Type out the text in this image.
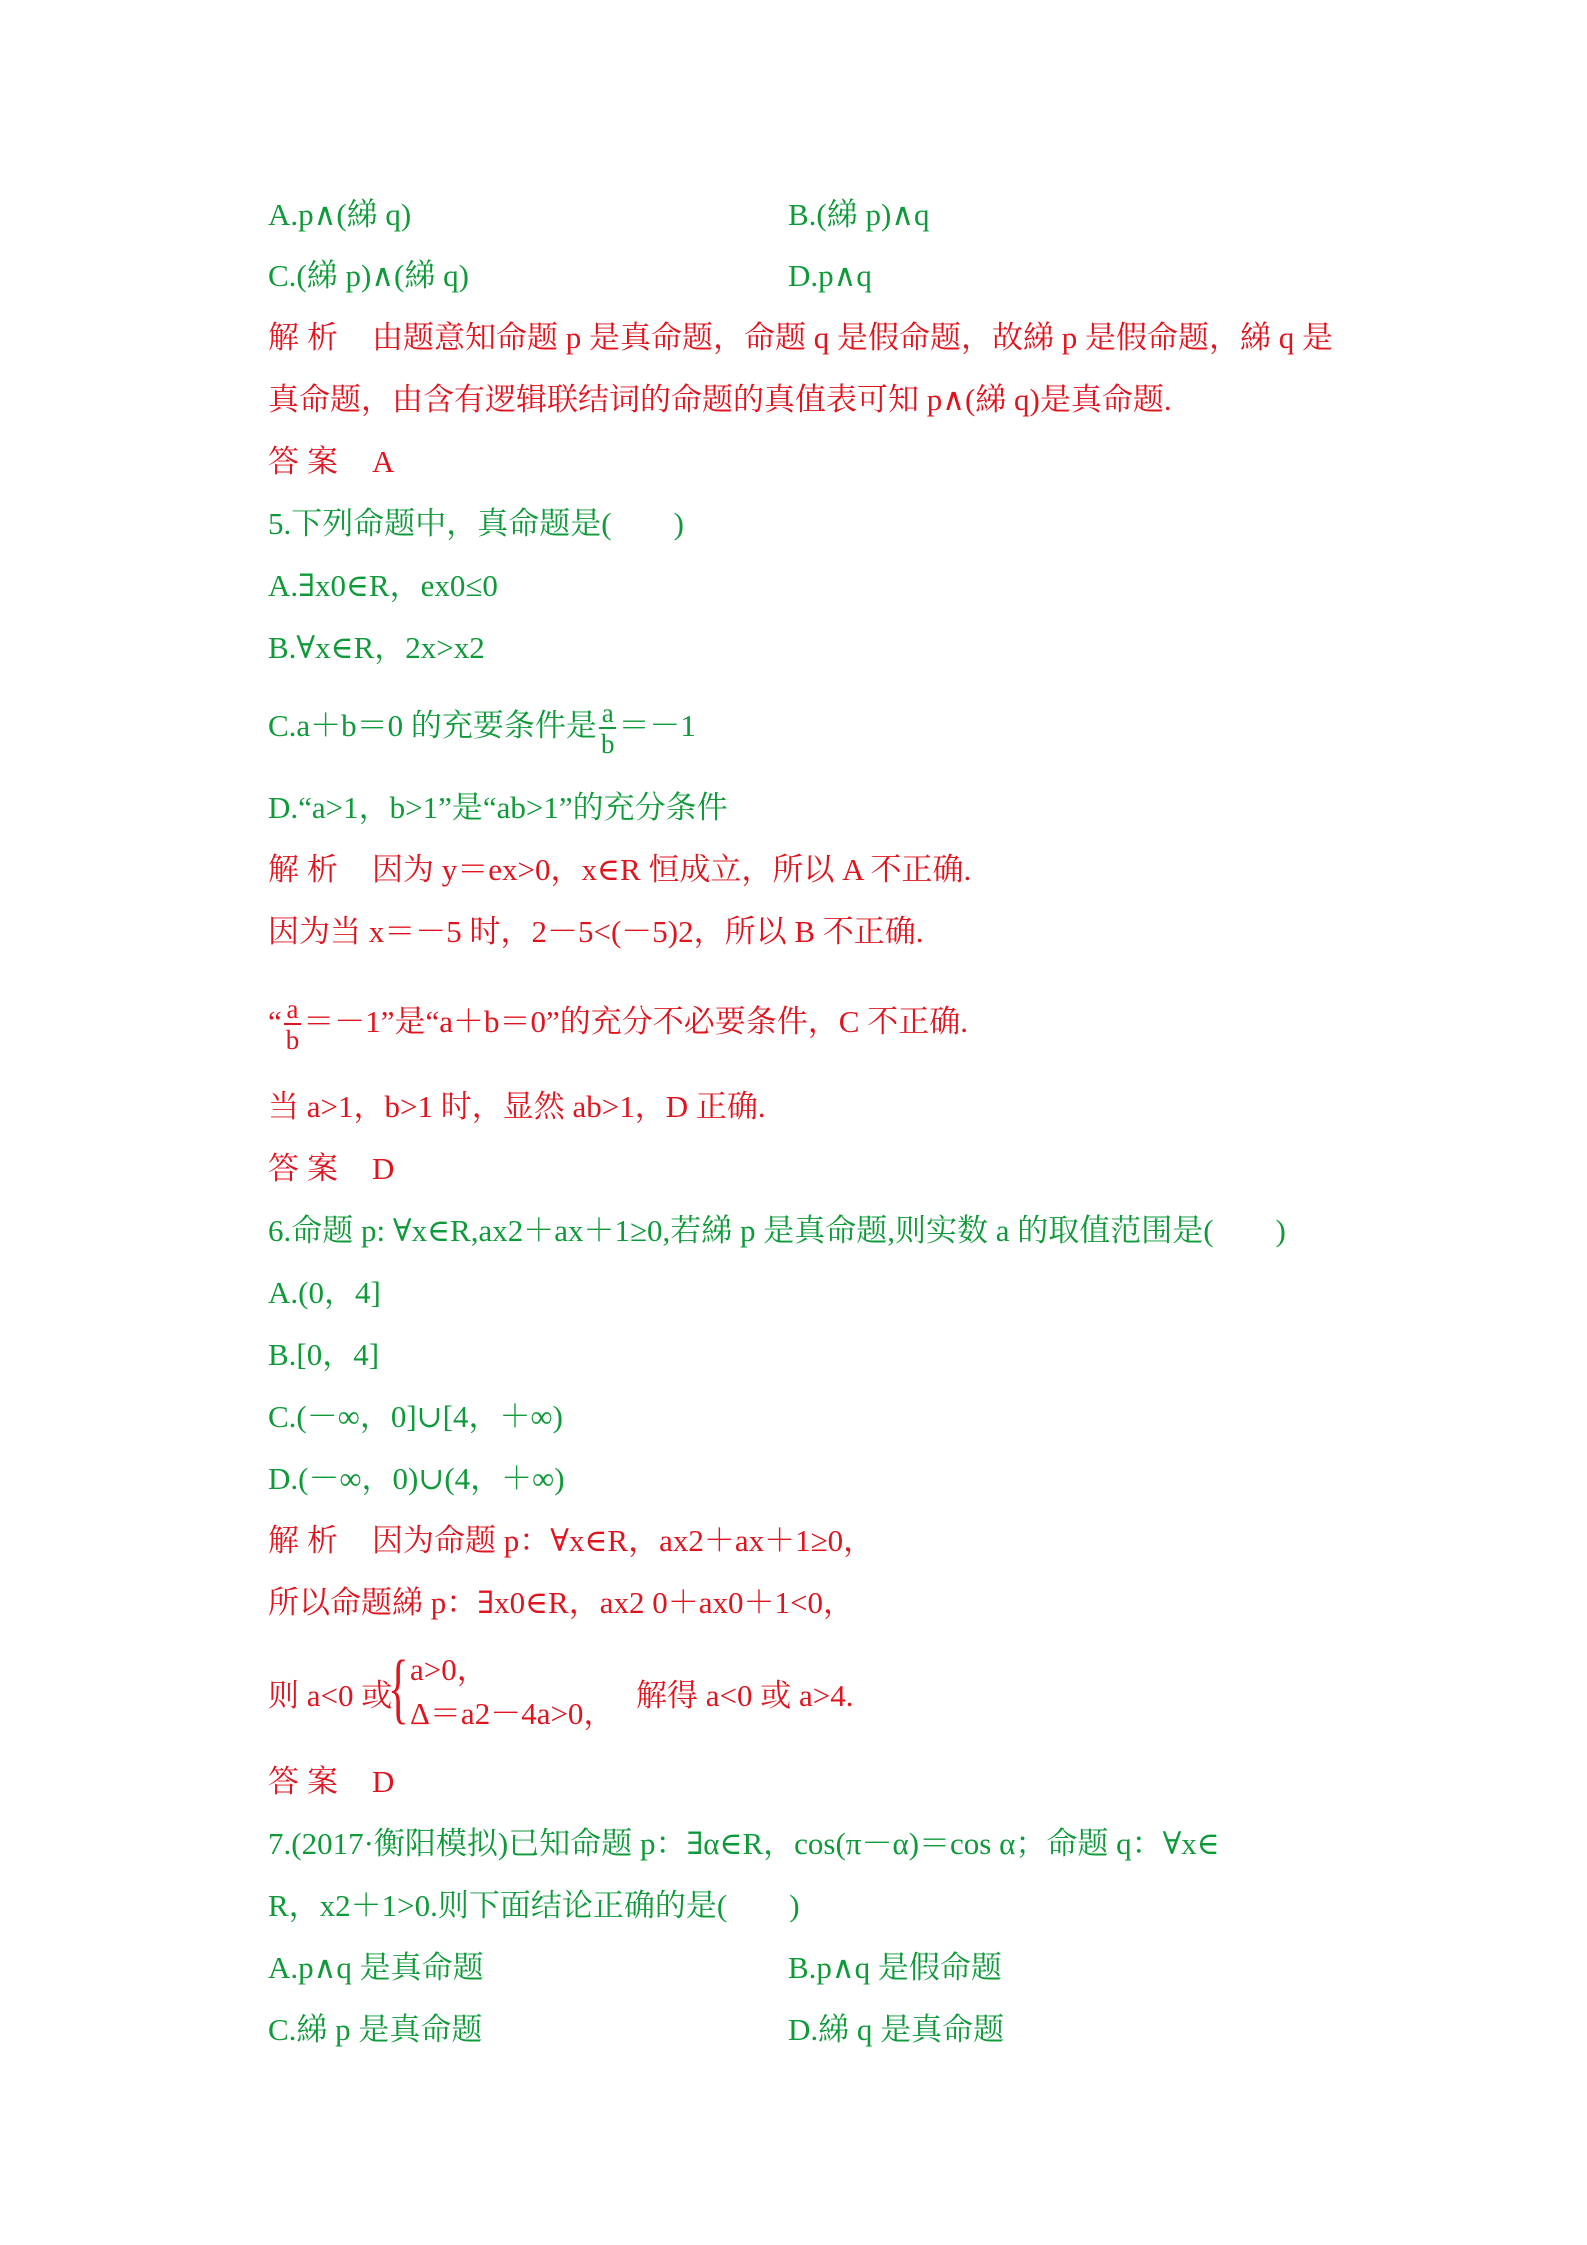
A.p∧(綈 q)	B.(綈 p)∧q
C.(綈 p)∧(綈 q)	D.p∧q
解析 由题意知命题 p 是真命题，命题 q 是假命题，故綈 p 是假命题，綈 q 是
真命题，由含有逻辑联结词的命题的真值表可知 p∧(綈 q)是真命题.
答案 A
5.下列命题中，真命题是(　　)
A.∃x0∈R，ex0≤0
B.∀x∈R，2x>x2
C.a＋b＝0 的充要条件是 $\frac{a}{b} =-1$
D.“a>1，b>1”是“ab>1”的充分条件
解析 因为 y＝ex>0，x∈R 恒成立，所以 A 不正确.
因为当 x＝－5 时，2－5<(－5)2，所以 B 不正确.
“ $\frac{a}{b} =-1$”是“a＋b＝0”的充分不必要条件，C 不正确.
当 a>1，b>1 时，显然 ab>1，D 正确.
答案 D
6.命题 p: ∀x∈R,ax2＋ax＋1≥0,若綈 p 是真命题,则实数 a 的取值范围是(　　)
A.(0，4]
B.[0，4]
C.(－∞，0]∪[4，＋∞)
D.(－∞，0)∪(4，＋∞)
解析 因为命题 p：∀x∈R，ax2＋ax＋1≥0，
所以命题綈 p：∃x0∈R，ax2 0＋ax0＋1<0，
则 a<0 或
{ a>0，
Δ＝a2－4a>0，
解得 a<0 或 a>4.
答案 D
7.(2017·衡阳模拟)已知命题 p：∃α∈R，cos(π－α)＝cos α；命题 q：∀x∈
R，x2＋1>0.则下面结论正确的是(　　)
A.p∧q 是真命题	B.p∧q 是假命题
C.綈 p 是真命题	D.綈 q 是真命题
